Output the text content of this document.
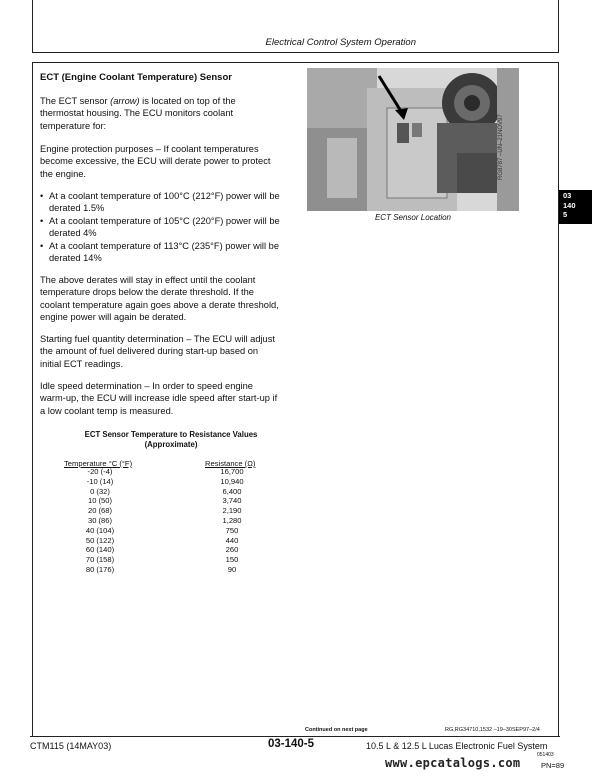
Electrical Control System Operation
ECT (Engine Coolant Temperature) Sensor
The ECT sensor (arrow) is located on top of the
thermostat housing. The ECU monitors coolant
temperature for:
Engine protection purposes – If coolant temperatures
become excessive, the ECU will derate power to protect
the engine.
• At a coolant temperature of 100°C (212°F) power will be
derated 1.5%
• At a coolant temperature of 105°C (220°F) power will be
derated 4%
• At a coolant temperature of 113°C (235°F) power will be
derated 14%
The above derates will stay in effect until the coolant
temperature drops below the derate threshold. If the
coolant temperature again goes above a derate threshold,
engine power will again be derated.
Starting fuel quantity determination – The ECU will adjust
the amount of fuel delivered during start-up based on
initial ECT readings.
Idle speed determination – In order to speed engine
warm-up, the ECU will increase idle speed after start-up if
a low coolant temp is measured.
RG8787 –UN–21NOV97
ECT Sensor Location
03
140
5
ECT Sensor Temperature to Resistance Values
(Approximate)
Temperature °C (°F)	Resistance (Ω)
-20 (-4)	16,700
-10 (14)	10,940
0 (32)	6,400
10 (50)	3,740
20 (68)	2,190
30 (86)	1,280
40 (104)	750
50 (122)	440
60 (140)	260
70 (158)	150
80 (176)	90
Continued on next page	RG,RG34710,1532 –19–30SEP97–2/4
CTM115 (14MAY03)	03-140-5	10.5 L & 12.5 L Lucas Electronic Fuel System
051403
PN=89
www.epcatalogs.com
